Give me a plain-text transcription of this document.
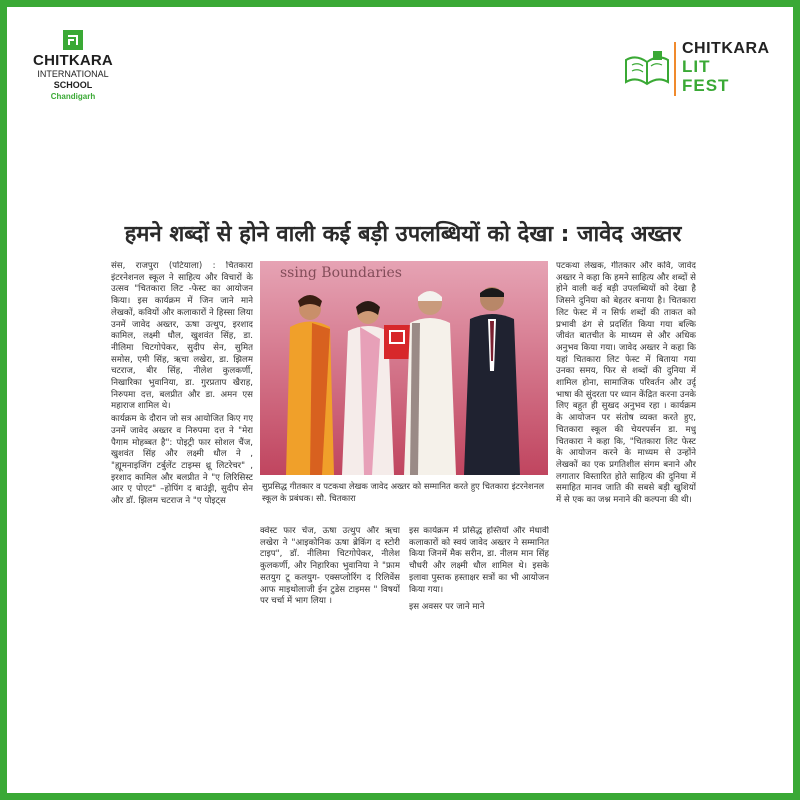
CHITKARA
INTERNATIONAL
SCHOOL
Chandigarh
CHITKARA
LIT
FEST
हमने शब्दों से होने वाली कई बड़ी उपलब्धियों को देखा : जावेद अख्तर

संस, राजपुरा (पटियाला) : चितकारा इंटरनेशनल स्कूल ने साहित्य और विचारों के उत्सव "चितकारा लिट -फेस्ट का आयोजन किया। इस कार्यक्रम में जिन जाने माने लेखकों, कवियों और कलाकारों ने हिस्सा लिया उनमें जावेद अख्तर, ऊषा उत्थुप, इरशाद कामिल, लक्ष्मी धौल, खुशवंत सिंह, डा. नीलिमा चिटगोपेकर, सुदीप सेन, सुमित समोस, एमी सिंह, ऋचा लखेरा, डा. झिलम चटराज, बीर सिंह, नीलेश कुलकर्णी, निखारिका भुवानिया, डा. गुरप्रताप खैराह, निरुपमा दत्त, बलप्रीत और डा. अमन एस महाराज शामिल थे।

कार्यक्रम के दौरान जो सत्र आयोजित किए गए उनमें जावेद अख्तर व निरुपमा दत्त ने "मेरा पैगाम मोहब्बत है": पोइट्री फार सोशल चैंज, खुशवंत सिंह और लक्ष्मी धौल ने , "ह्यूमनाइजिंग टर्बुलेंट टाइम्स थ्रू लिटरेचर" , इरशाद कामिल और बलप्रीत ने "ए लिरिसिस्ट आर ए पोएट" –होपिंग द बाउंड्री, सुदीप सेन और डॉ. झिलम चटराज ने "ए पोइट्स

ssing Boundaries
सुप्रसिद्ध गीतकार व पटकथा लेखक जावेद अख्तर को सम्मानित करते हुए चितकारा इंटरनेशनल स्कूल के प्रबंधक। सौ. चितकारा

क्वेस्ट फार चेंज, ऊषा उत्थुप और ऋचा लखेरा ने "आइकोनिक ऊषा ब्रेकिंग द स्टोरी टाइप", डॉ. नीलिमा चिटगोपेकर, नीलेश कुलकर्णी, और निहारिका भुवानिया ने "फ्राम सतयुग टू कलयुग- एक्सप्लोरिंग द रिलिवेंस आफ माइथोलाजी ईन टुडेस टाइमस " विषयों पर चर्चा में भाग लिया ।

इस कार्यक्रम में प्रसिद्ध हस्तियों और मेधावी कलाकारों को स्वयं जावेद अख्तर ने सम्मानित किया जिनमें मैक सरीन, डा. नीलम मान सिंह चौधरी और लक्ष्मी धौल शामिल थे। इसके इलावा पुस्तक हस्ताक्षर सत्रों का भी आयोजन किया गया।

इस अवसर पर जाने माने

पटकथा लेखक, गीतकार और कवि, जावेद अख्तर ने कहा कि हमने साहित्य और शब्दों से होने वाली कई बड़ी उपलब्धियों को देखा है जिसने दुनिया को बेहतर बनाया है। चितकारा लिट फेस्ट में न सिर्फ शब्दों की ताकत को प्रभावी ढंग से प्रदर्शित किया गया बल्कि जीवंत बातचीत के माध्यम से और अधिक अनुभव किया गया। जावेद अख्तर ने कहा कि यहां चितकारा लिट फेस्ट में बिताया गया उनका समय, फिर से शब्दों की दुनिया में शामिल होना, सामाजिक परिवर्तन और उर्दू भाषा की सुंदरता पर ध्यान केंद्रित करना उनके लिए बहुत ही सुखद अनुभव रहा । कार्यक्रम के आयोजन पर संतोष व्यक्त करते हुए, चितकारा स्कूल की चेयरपर्सन डा. मधु चितकारा ने कहा कि, "चितकारा लिट फेस्ट के आयोजन करने के माध्यम से उन्होंने लेखकों का एक प्रगतिशील संगम बनाने और लगातार विस्तारित होते साहित्य की दुनिया में समाहित मानव जाति की सबसे बड़ी खुशियों में से एक का जश्न मनाने की कल्पना की थी।
